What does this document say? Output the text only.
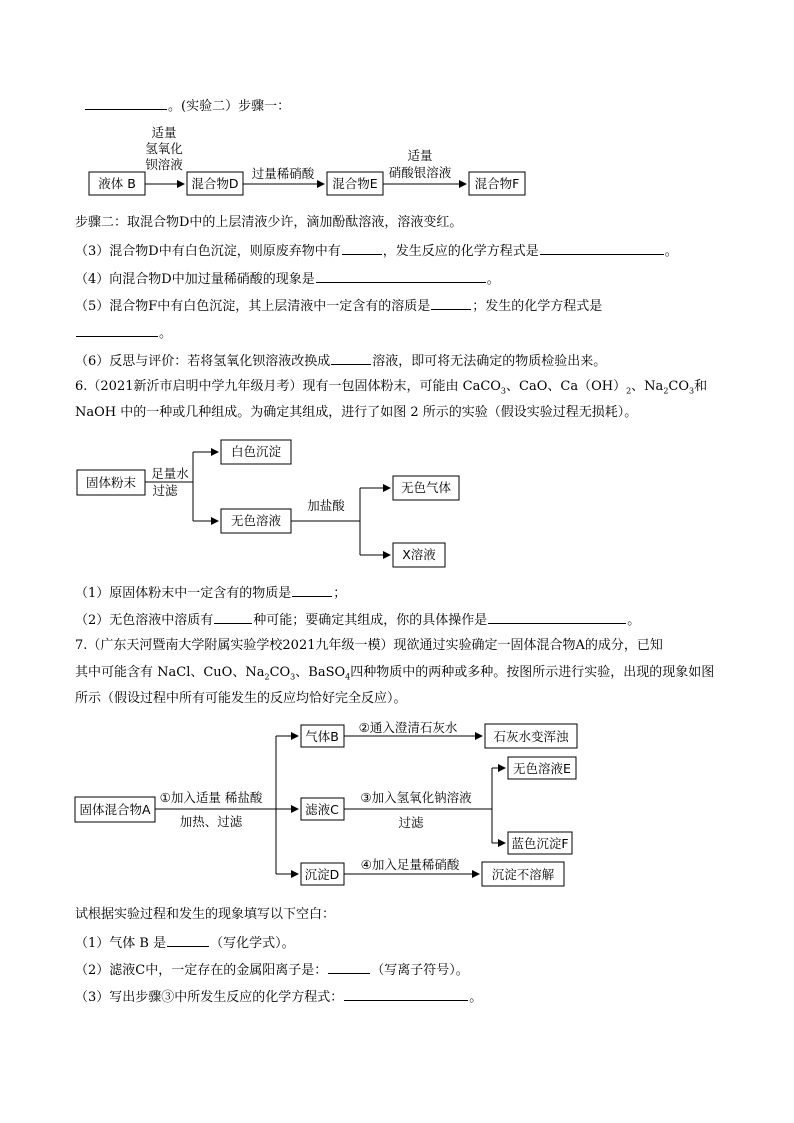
。(实验二）步骤一：
液体 B
适量
氢氧化
钡溶液
混合物D
过量稀硝酸
混合物E
适量
硝酸银溶液
混合物F
固体粉末
足量水
过滤
白色沉淀
无色溶液
加盐酸
无色气体
X溶液
固体混合物A
①加入适量 稀盐酸
加热、过滤
气体B
②通入澄清石灰水
石灰水变浑浊
滤液C
③加入氢氧化钠溶液
过滤
无色溶液E
蓝色沉淀F
沉淀D
④加入足量稀硝酸
沉淀不溶解
步骤二：取混合物D中的上层清液少许，滴加酚酞溶液，溶液变红。
（3）混合物D中有白色沉淀，则原废弃物中有	，发生反应的化学方程式是	。
（4）向混合物D中加过量稀硝酸的现象是	。
（5）混合物F中有白色沉淀，其上层清液中一定含有的溶质是	；发生的化学方程式是
。
（6）反思与评价：若将氢氧化钡溶液改换成	溶液，即可将无法确定的物质检验出来。
6.（2021新沂市启明中学九年级月考）现有一包固体粉末，可能由 CaCO$_3$、CaO、$Ca(OH)_2$、$Na_2CO_3$和
NaOH 中的一种或几种组成。为确定其组成，进行了如图 2 所示的实验（假设实验过程无损耗）。
（1）原固体粉末中一定含有的物质是	；
（2）无色溶液中溶质有	种可能；要确定其组成，你的具体操作是	。
7.（广东天河暨南大学附属实验学校2021九年级一模）现欲通过实验确定一固体混合物A的成分，已知
其中可能含有 NaCl、CuO、$Na_2CO_3$、BaSO$_4$四种物质中的两种或多种。按图所示进行实验，出现的现象如图
所示（假设过程中所有可能发生的反应均恰好完全反应）。
试根据实验过程和发生的现象填写以下空白：
（1）气体 B 是	（写化学式）。
（2）滤液C中，一定存在的金属阳离子是：	（写离子符号）。
（3）写出步骤③中所发生反应的化学方程式：	。
